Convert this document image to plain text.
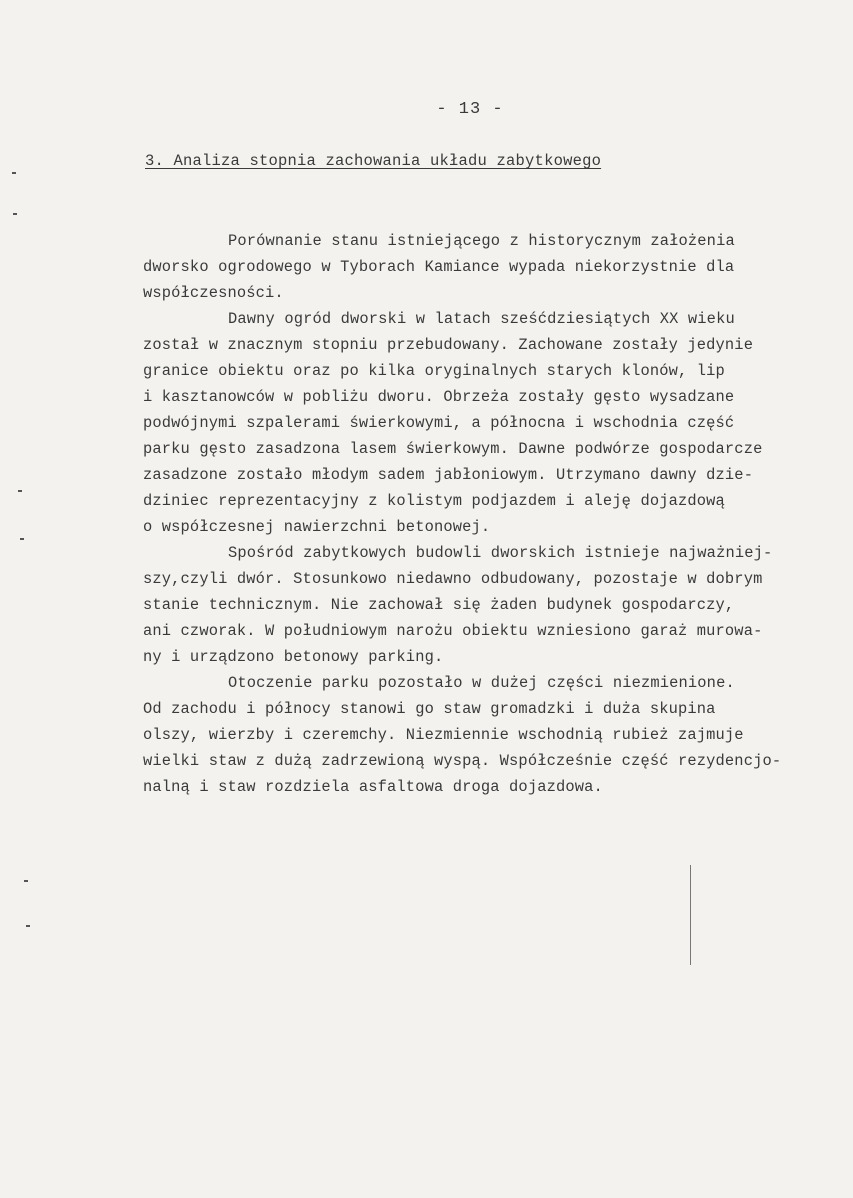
- 13 -
3. Analiza stopnia zachowania układu zabytkowego
Porównanie stanu istniejącego z historycznym założenia
dworsko ogrodowego w Tyborach Kamiance wypada niekorzystnie dla
współczesności.
Dawny ogród dworski w latach sześćdziesiątych XX wieku
został w znacznym stopniu przebudowany. Zachowane zostały jedynie
granice obiektu oraz po kilka oryginalnych starych klonów, lip
i kasztanowców w pobliżu dworu. Obrzeża zostały gęsto wysadzane
podwójnymi szpalerami świerkowymi, a północna i wschodnia część
parku gęsto zasadzona lasem świerkowym. Dawne podwórze gospodarcze
zasadzone zostało młodym sadem jabłoniowym. Utrzymano dawny dzie-
dziniec reprezentacyjny z kolistym podjazdem i aleję dojazdową
o współczesnej nawierzchni betonowej.
Spośród zabytkowych budowli dworskich istnieje najważniej-
szy,czyli dwór. Stosunkowo niedawno odbudowany, pozostaje w dobrym
stanie technicznym. Nie zachował się żaden budynek gospodarczy,
ani czworak. W południowym narożu obiektu wzniesiono garaż murowa-
ny i urządzono betonowy parking.
Otoczenie parku pozostało w dużej części niezmienione.
Od zachodu i północy stanowi go staw gromadzki i duża skupina
olszy, wierzby i czeremchy. Niezmiennie wschodnią rubież zajmuje
wielki staw z dużą zadrzewioną wyspą. Współcześnie część rezydencjo-
nalną i staw rozdziela asfaltowa droga dojazdowa.
